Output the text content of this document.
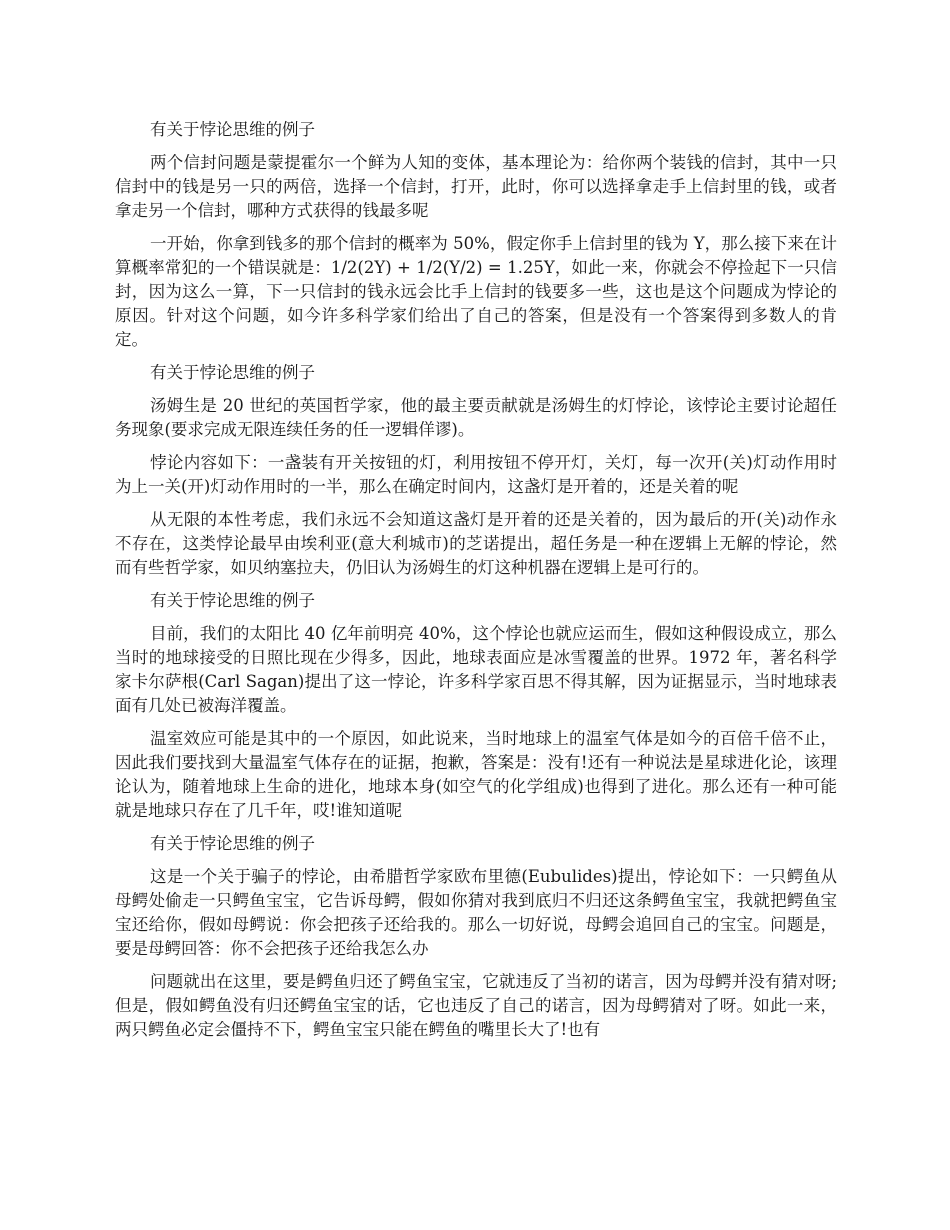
有关于悖论思维的例子

两个信封问题是蒙提霍尔一个鲜为人知的变体，基本理论为：给你两个装钱的信封，其中一只信封中的钱是另一只的两倍，选择一个信封，打开，此时，你可以选择拿走手上信封里的钱，或者拿走另一个信封，哪种方式获得的钱最多呢

一开始，你拿到钱多的那个信封的概率为 50%，假定你手上信封里的钱为 Y，那么接下来在计算概率常犯的一个错误就是：1/2(2Y) + 1/2(Y/2) = 1.25Y，如此一来，你就会不停捡起下一只信封，因为这么一算，下一只信封的钱永远会比手上信封的钱要多一些，这也是这个问题成为悖论的原因。针对这个问题，如今许多科学家们给出了自己的答案，但是没有一个答案得到多数人的肯定。

有关于悖论思维的例子

汤姆生是 20 世纪的英国哲学家，他的最主要贡献就是汤姆生的灯悖论，该悖论主要讨论超任务现象(要求完成无限连续任务的任一逻辑佯谬)。

悖论内容如下：一盏装有开关按钮的灯，利用按钮不停开灯，关灯，每一次开(关)灯动作用时为上一关(开)灯动作用时的一半，那么在确定时间内，这盏灯是开着的，还是关着的呢

从无限的本性考虑，我们永远不会知道这盏灯是开着的还是关着的，因为最后的开(关)动作永不存在，这类悖论最早由埃利亚(意大利城市)的芝诺提出，超任务是一种在逻辑上无解的悖论，然而有些哲学家，如贝纳塞拉夫，仍旧认为汤姆生的灯这种机器在逻辑上是可行的。

有关于悖论思维的例子

目前，我们的太阳比 40 亿年前明亮 40%，这个悖论也就应运而生，假如这种假设成立，那么当时的地球接受的日照比现在少得多，因此，地球表面应是冰雪覆盖的世界。1972 年，著名科学家卡尔萨根(Carl Sagan)提出了这一悖论，许多科学家百思不得其解，因为证据显示，当时地球表面有几处已被海洋覆盖。

温室效应可能是其中的一个原因，如此说来，当时地球上的温室气体是如今的百倍千倍不止，因此我们要找到大量温室气体存在的证据，抱歉，答案是：没有!还有一种说法是星球进化论，该理论认为，随着地球上生命的进化，地球本身(如空气的化学组成)也得到了进化。那么还有一种可能就是地球只存在了几千年，哎!谁知道呢

有关于悖论思维的例子

这是一个关于骗子的悖论，由希腊哲学家欧布里德(Eubulides)提出，悖论如下：一只鳄鱼从母鳄处偷走一只鳄鱼宝宝，它告诉母鳄，假如你猜对我到底归不归还这条鳄鱼宝宝，我就把鳄鱼宝宝还给你，假如母鳄说：你会把孩子还给我的。那么一切好说，母鳄会追回自己的宝宝。问题是，要是母鳄回答：你不会把孩子还给我怎么办

问题就出在这里，要是鳄鱼归还了鳄鱼宝宝，它就违反了当初的诺言，因为母鳄并没有猜对呀;但是，假如鳄鱼没有归还鳄鱼宝宝的话，它也违反了自己的诺言，因为母鳄猜对了呀。如此一来，两只鳄鱼必定会僵持不下，鳄鱼宝宝只能在鳄鱼的嘴里长大了!也有
